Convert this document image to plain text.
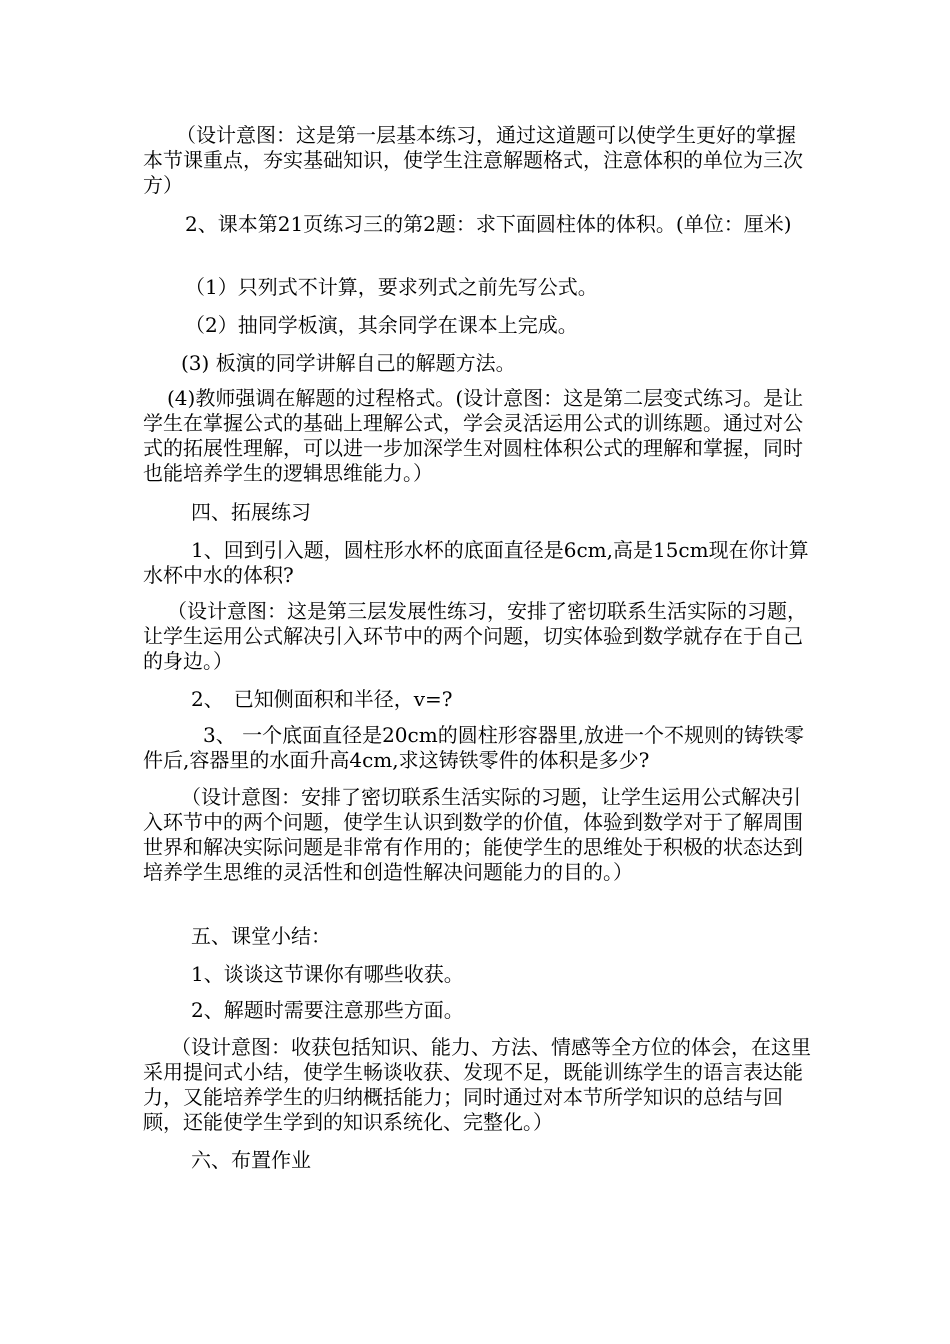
（设计意图：这是第一层基本练习，通过这道题可以使学生更好的掌握本节课重点，夯实基础知识，使学生注意解题格式，注意体积的单位为三次方）

2、课本第21页练习三的第2题：求下面圆柱体的体积。(单位：厘米)

（1）只列式不计算，要求列式之前先写公式。

（2）抽同学板演，其余同学在课本上完成。

(3) 板演的同学讲解自己的解题方法。

(4)教师强调在解题的过程格式。(设计意图：这是第二层变式练习。是让学生在掌握公式的基础上理解公式，学会灵活运用公式的训练题。通过对公式的拓展性理解，可以进一步加深学生对圆柱体积公式的理解和掌握，同时也能培养学生的逻辑思维能力。）

四、拓展练习

1、回到引入题，圆柱形水杯的底面直径是6cm,高是15cm现在你计算水杯中水的体积?

（设计意图：这是第三层发展性练习，安排了密切联系生活实际的习题，让学生运用公式解决引入环节中的两个问题，切实体验到数学就存在于自己的身边。）

2、　已知侧面积和半径，v=?

3、 一个底面直径是20cm的圆柱形容器里,放进一个不规则的铸铁零件后,容器里的水面升高4cm,求这铸铁零件的体积是多少?

（设计意图：安排了密切联系生活实际的习题，让学生运用公式解决引入环节中的两个问题，使学生认识到数学的价值，体验到数学对于了解周围世界和解决实际问题是非常有作用的；能使学生的思维处于积极的状态达到培养学生思维的灵活性和创造性解决问题能力的目的。）

五、课堂小结：

1、谈谈这节课你有哪些收获。

2、解题时需要注意那些方面。

（设计意图：收获包括知识、能力、方法、情感等全方位的体会，在这里采用提问式小结，使学生畅谈收获、发现不足，既能训练学生的语言表达能力，又能培养学生的归纳概括能力；同时通过对本节所学知识的总结与回顾，还能使学生学到的知识系统化、完整化。）

六、布置作业
